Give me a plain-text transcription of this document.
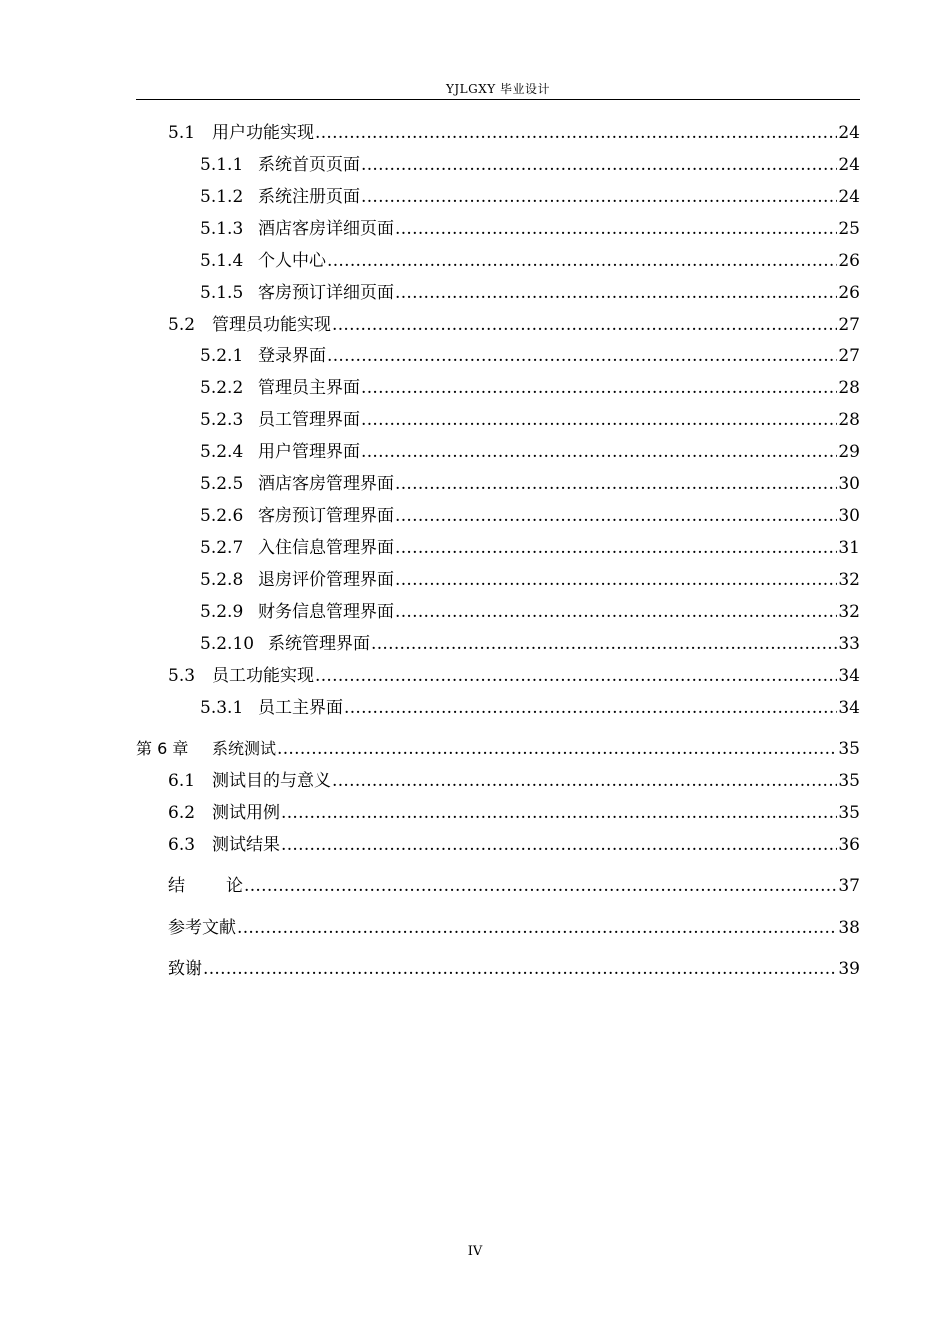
YJLGXY 毕业设计
5.1 用户功能实现 .....	24
5.1.1 系统首页页面 .....	24
5.1.2 系统注册页面 .....	24
5.1.3 酒店客房详细页面 .....	25
5.1.4 个人中心 .....	26
5.1.5 客房预订详细页面 .....	26
5.2 管理员功能实现 .....	27
5.2.1 登录界面 .....	27
5.2.2 管理员主界面 .....	28
5.2.3 员工管理界面 .....	28
5.2.4 用户管理界面 .....	29
5.2.5 酒店客房管理界面 .....	30
5.2.6 客房预订管理界面 .....	30
5.2.7 入住信息管理界面 .....	31
5.2.8 退房评价管理界面 .....	32
5.2.9 财务信息管理界面 .....	32
5.2.10 系统管理界面 .....	33
5.3 员工功能实现 .....	34
5.3.1 员工主界面 .....	34
第 6 章	系统测试 .....	35
6.1 测试目的与意义 .....	35
6.2 测试用例 .....	35
6.3 测试结果 .....	36
结	论 .....	37
参考文献 .....	38
致谢 .....	39
IV
